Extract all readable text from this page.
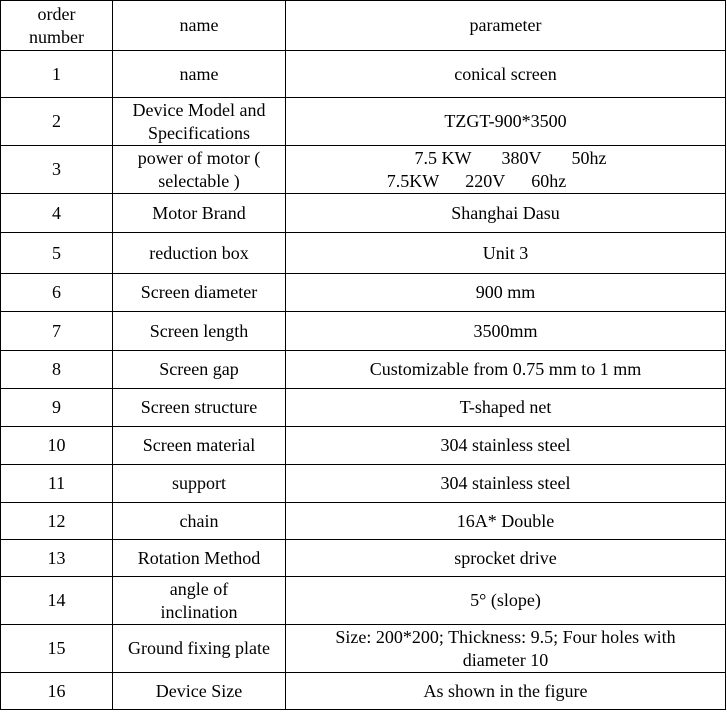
order number	name	parameter
1	name	conical screen
2	Device Model and Specifications	TZGT-900*3500
3	power of motor ( selectable )	7.5 KW 380V 50hz
7.5KW 220V 60hz

4	Motor Brand	Shanghai Dasu
5	reduction box	Unit 3
6	Screen diameter	900 mm
7	Screen length	3500mm
8	Screen gap	Customizable from 0.75 mm to 1 mm
9	Screen structure	T-shaped net
10	Screen material	304 stainless steel
11	support	304 stainless steel
12	chain	16A* Double
13	Rotation Method	sprocket drive
14	angle of inclination	5° (slope)
15	Ground fixing plate	Size: 200*200; Thickness: 9.5; Four holes with diameter 10
16	Device Size	As shown in the figure
